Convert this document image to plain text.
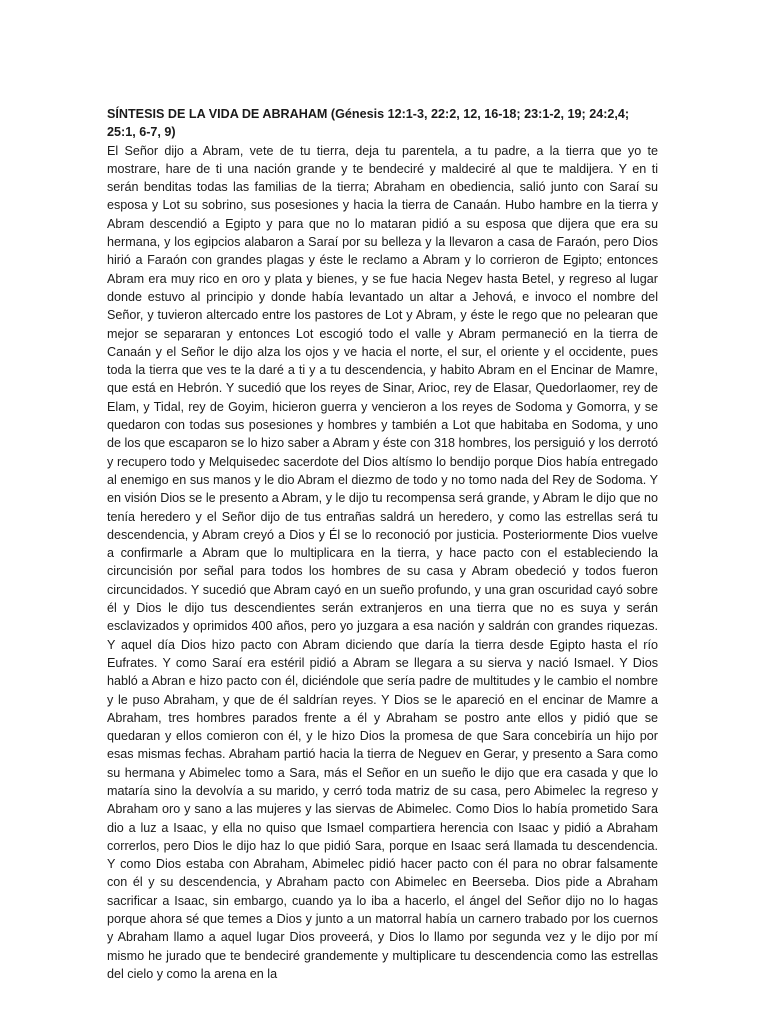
SÍNTESIS DE LA VIDA DE ABRAHAM (Génesis 12:1-3, 22:2, 12, 16-18; 23:1-2, 19; 24:2,4; 25:1, 6-7, 9)

El Señor dijo a Abram, vete de tu tierra, deja tu parentela, a tu padre, a la tierra que yo te mostrare, hare de ti una nación grande y te bendeciré y maldeciré al que te maldijera. Y en ti serán benditas todas las familias de la tierra; Abraham en obediencia, salió junto con Saraí su esposa y Lot su sobrino, sus posesiones y hacia la tierra de Canaán. Hubo hambre en la tierra y Abram descendió a Egipto y para que no lo mataran pidió a su esposa que dijera que era su hermana, y los egipcios alabaron a Saraí por su belleza y la llevaron a casa de Faraón, pero Dios hirió a Faraón con grandes plagas y éste le reclamo a Abram y lo corrieron de Egipto; entonces Abram era muy rico en oro y plata y bienes, y se fue hacia Negev hasta Betel, y regreso al lugar donde estuvo al principio y donde había levantado un altar a Jehová, e invoco el nombre del Señor, y tuvieron altercado entre los pastores de Lot y Abram, y éste le rego que no pelearan que mejor se separaran y entonces Lot escogió todo el valle y Abram permaneció en la tierra de Canaán y el Señor le dijo alza los ojos y ve hacia el norte, el sur, el oriente y el occidente, pues toda la tierra que ves te la daré a ti y a tu descendencia, y habito Abram en el Encinar de Mamre, que está en Hebrón. Y sucedió que los reyes de Sinar, Arioc, rey de Elasar, Quedorlaomer, rey de Elam, y Tidal, rey de Goyim, hicieron guerra y vencieron a los reyes de Sodoma y Gomorra, y se quedaron con todas sus posesiones y hombres y también a Lot que habitaba en Sodoma, y uno de los que escaparon se lo hizo saber a Abram y éste con 318 hombres, los persiguió y los derrotó y recupero todo y Melquisedec sacerdote del Dios altísmo lo bendijo porque Dios había entregado al enemigo en sus manos y le dio Abram el diezmo de todo y no tomo nada del Rey de Sodoma. Y en visión Dios se le presento a Abram, y le dijo tu recompensa será grande, y Abram le dijo que no tenía heredero y el Señor dijo de tus entrañas saldrá un heredero, y como las estrellas será tu descendencia, y Abram creyó a Dios y Él se lo reconoció por justicia. Posteriormente Dios vuelve a confirmarle a Abram que lo multiplicara en la tierra, y hace pacto con el estableciendo la circuncisión por señal para todos los hombres de su casa y Abram obedeció y todos fueron circuncidados. Y sucedió que Abram cayó en un sueño profundo, y una gran oscuridad cayó sobre él y Dios le dijo tus descendientes serán extranjeros en una tierra que no es suya y serán esclavizados y oprimidos 400 años, pero yo juzgara a esa nación y saldrán con grandes riquezas. Y aquel día Dios hizo pacto con Abram diciendo que daría la tierra desde Egipto hasta el río Eufrates. Y como Saraí era estéril pidió a Abram se llegara a su sierva y nació Ismael. Y Dios habló a Abran e hizo pacto con él, diciéndole que sería padre de multitudes y le cambio el nombre y le puso Abraham, y que de él saldrían reyes. Y Dios se le apareció en el encinar de Mamre a Abraham, tres hombres parados frente a él y Abraham se postro ante ellos y pidió que se quedaran y ellos comieron con él, y le hizo Dios la promesa de que Sara concebiría un hijo por esas mismas fechas. Abraham partió hacia la tierra de Neguev en Gerar, y presento a Sara como su hermana y Abimelec tomo a Sara, más el Señor en un sueño le dijo que era casada y que lo mataría sino la devolvía a su marido, y cerró toda matriz de su casa, pero Abimelec la regreso y Abraham oro y sano a las mujeres y las siervas de Abimelec. Como Dios lo había prometido Sara dio a luz a Isaac, y ella no quiso que Ismael compartiera herencia con Isaac y pidió a Abraham correrlos, pero Dios le dijo haz lo que pidió Sara, porque en Isaac será llamada tu descendencia. Y como Dios estaba con Abraham, Abimelec pidió hacer pacto con él para no obrar falsamente con él y su descendencia, y Abraham pacto con Abimelec en Beerseba. Dios pide a Abraham sacrificar a Isaac, sin embargo, cuando ya lo iba a hacerlo, el ángel del Señor dijo no lo hagas porque ahora sé que temes a Dios y junto a un matorral había un carnero trabado por los cuernos y Abraham llamo a aquel lugar Dios proveerá, y Dios lo llamo por segunda vez y le dijo por mí mismo he jurado que te bendeciré grandemente y multiplicare tu descendencia como las estrellas del cielo y como la arena en la
